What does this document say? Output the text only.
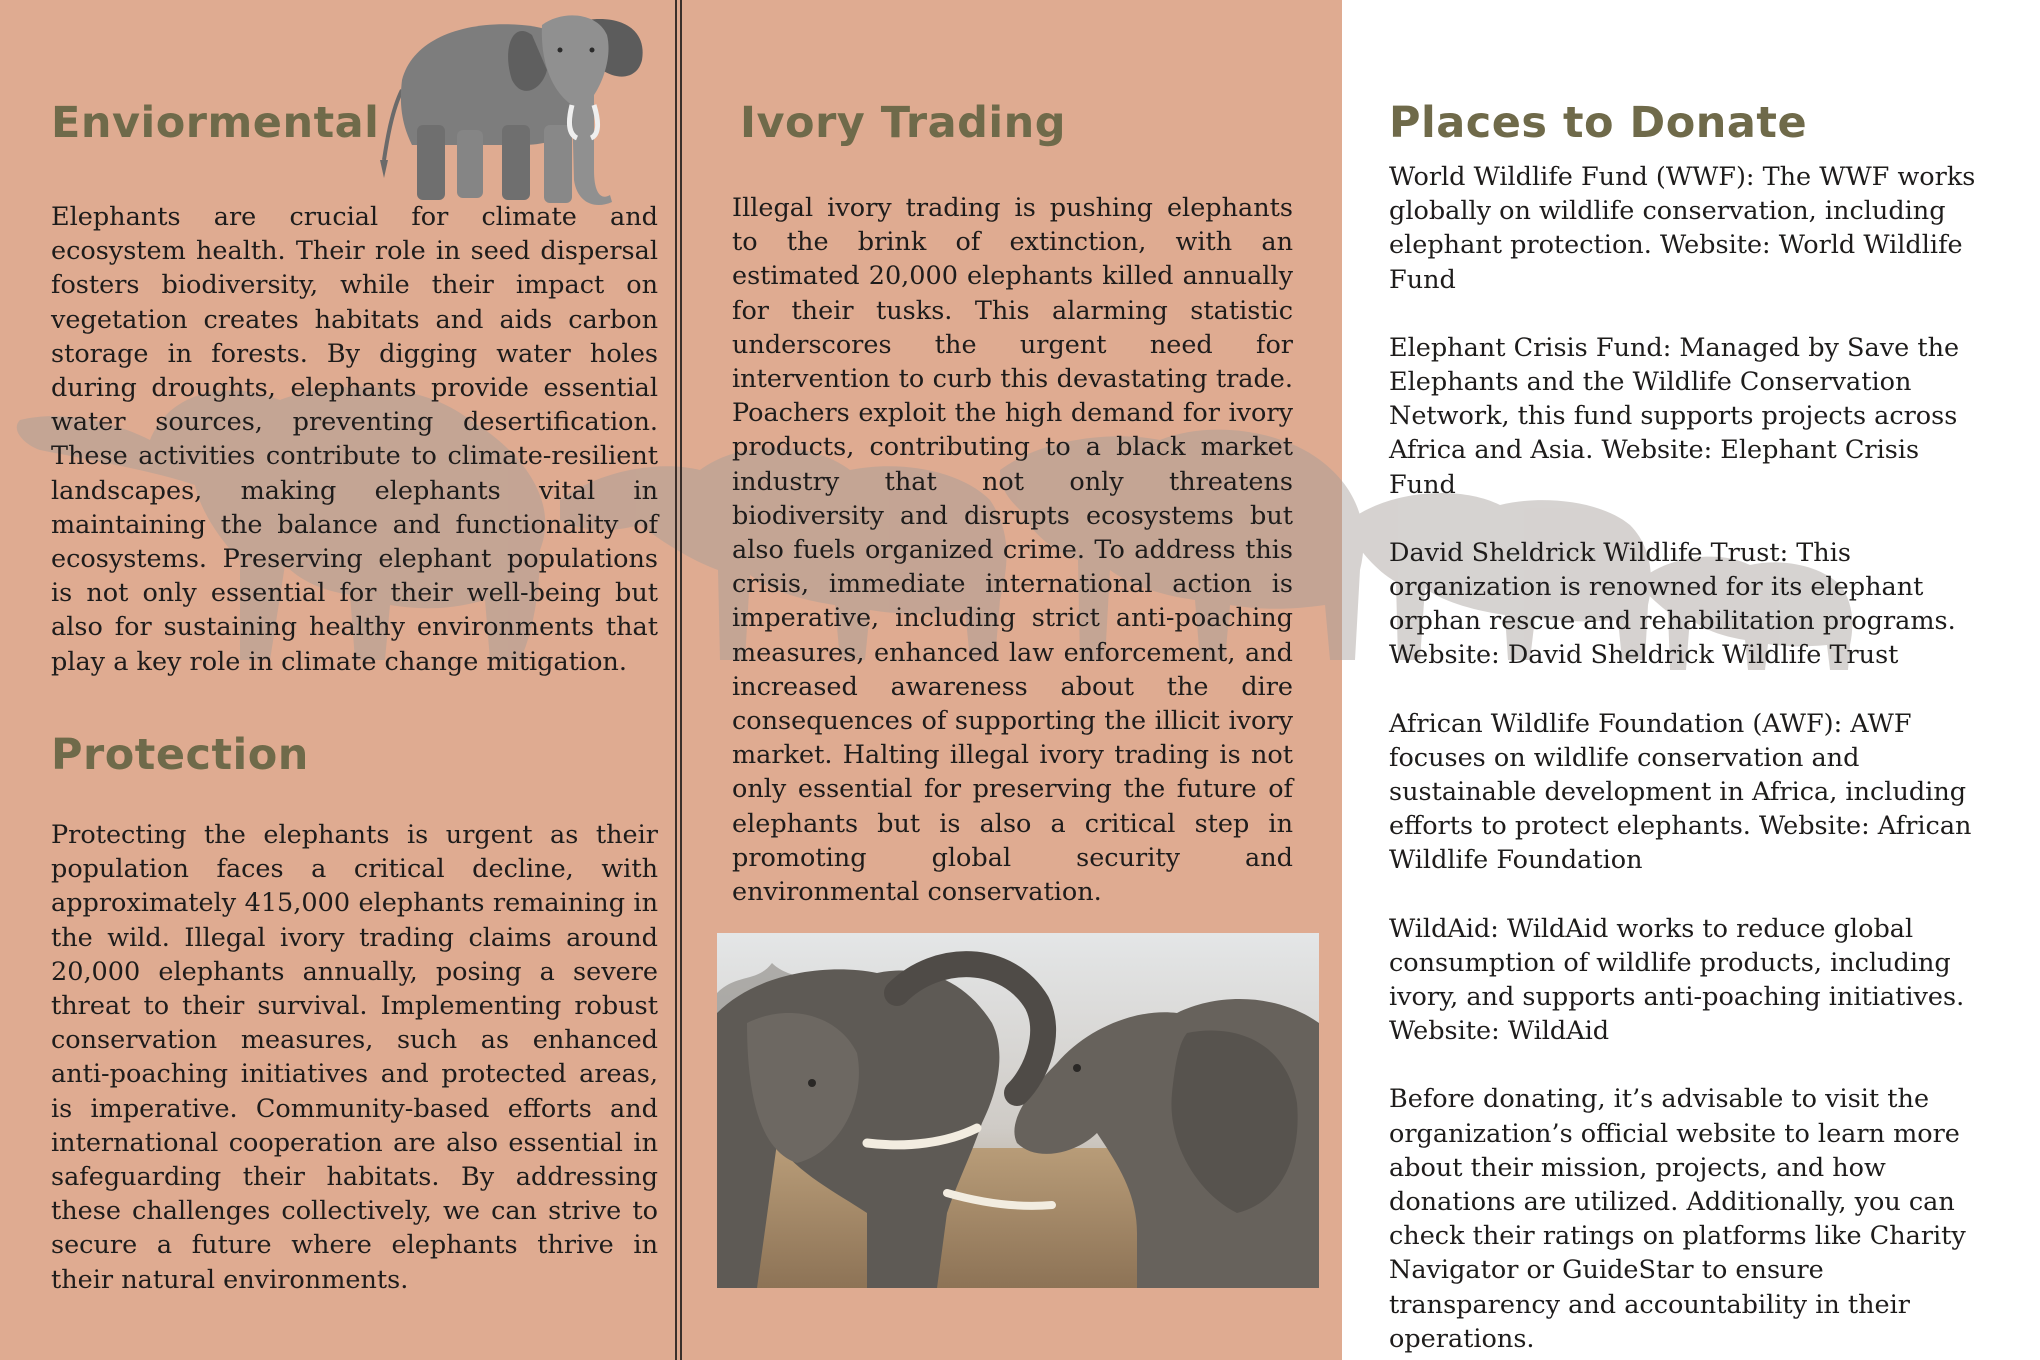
Enviormental

Elephants are crucial for climate and ecosystem health. Their role in seed dispersal fosters biodiversity, while their impact on vegetation creates habitats and aids carbon storage in forests. By digging water holes during droughts, elephants provide essential water sources, preventing desertification. These activities contribute to climate-resilient landscapes, making elephants vital in maintaining the balance and functionality of ecosystems. Preserving elephant populations is not only essential for their well-being but also for sustaining healthy environments that play a key role in climate change mitigation.

Protection

Protecting the elephants is urgent as their population faces a critical decline, with approximately 415,000 elephants remaining in the wild. Illegal ivory trading claims around 20,000 elephants annually, posing a severe threat to their survival. Implementing robust conservation measures, such as enhanced anti-poaching initiatives and protected areas, is imperative. Community-based efforts and international cooperation are also essential in safeguarding their habitats. By addressing these challenges collectively, we can strive to secure a future where elephants thrive in their natural environments.

Ivory Trading

Illegal ivory trading is pushing elephants to the brink of extinction, with an estimated 20,000 elephants killed annually for their tusks. This alarming statistic underscores the urgent need for intervention to curb this devastating trade. Poachers exploit the high demand for ivory products, contributing to a black market industry that not only threatens biodiversity and disrupts ecosystems but also fuels organized crime. To address this crisis, immediate international action is imperative, including strict anti-poaching measures, enhanced law enforcement, and increased awareness about the dire consequences of supporting the illicit ivory market. Halting illegal ivory trading is not only essential for preserving the future of elephants but is also a critical step in promoting global security and environmental conservation.

Places to Donate

World Wildlife Fund (WWF): The WWF works globally on wildlife conservation, including elephant protection. Website: World Wildlife Fund

Elephant Crisis Fund: Managed by Save the Elephants and the Wildlife Conservation Network, this fund supports projects across Africa and Asia. Website: Elephant Crisis Fund

David Sheldrick Wildlife Trust: This organization is renowned for its elephant orphan rescue and rehabilitation programs. Website: David Sheldrick Wildlife Trust

African Wildlife Foundation (AWF): AWF focuses on wildlife conservation and sustainable development in Africa, including efforts to protect elephants. Website: African Wildlife Foundation

WildAid: WildAid works to reduce global consumption of wildlife products, including ivory, and supports anti-poaching initiatives. Website: WildAid

Before donating, it’s advisable to visit the organization’s official website to learn more about their mission, projects, and how donations are utilized. Additionally, you can check their ratings on platforms like Charity Navigator or GuideStar to ensure transparency and accountability in their operations.
